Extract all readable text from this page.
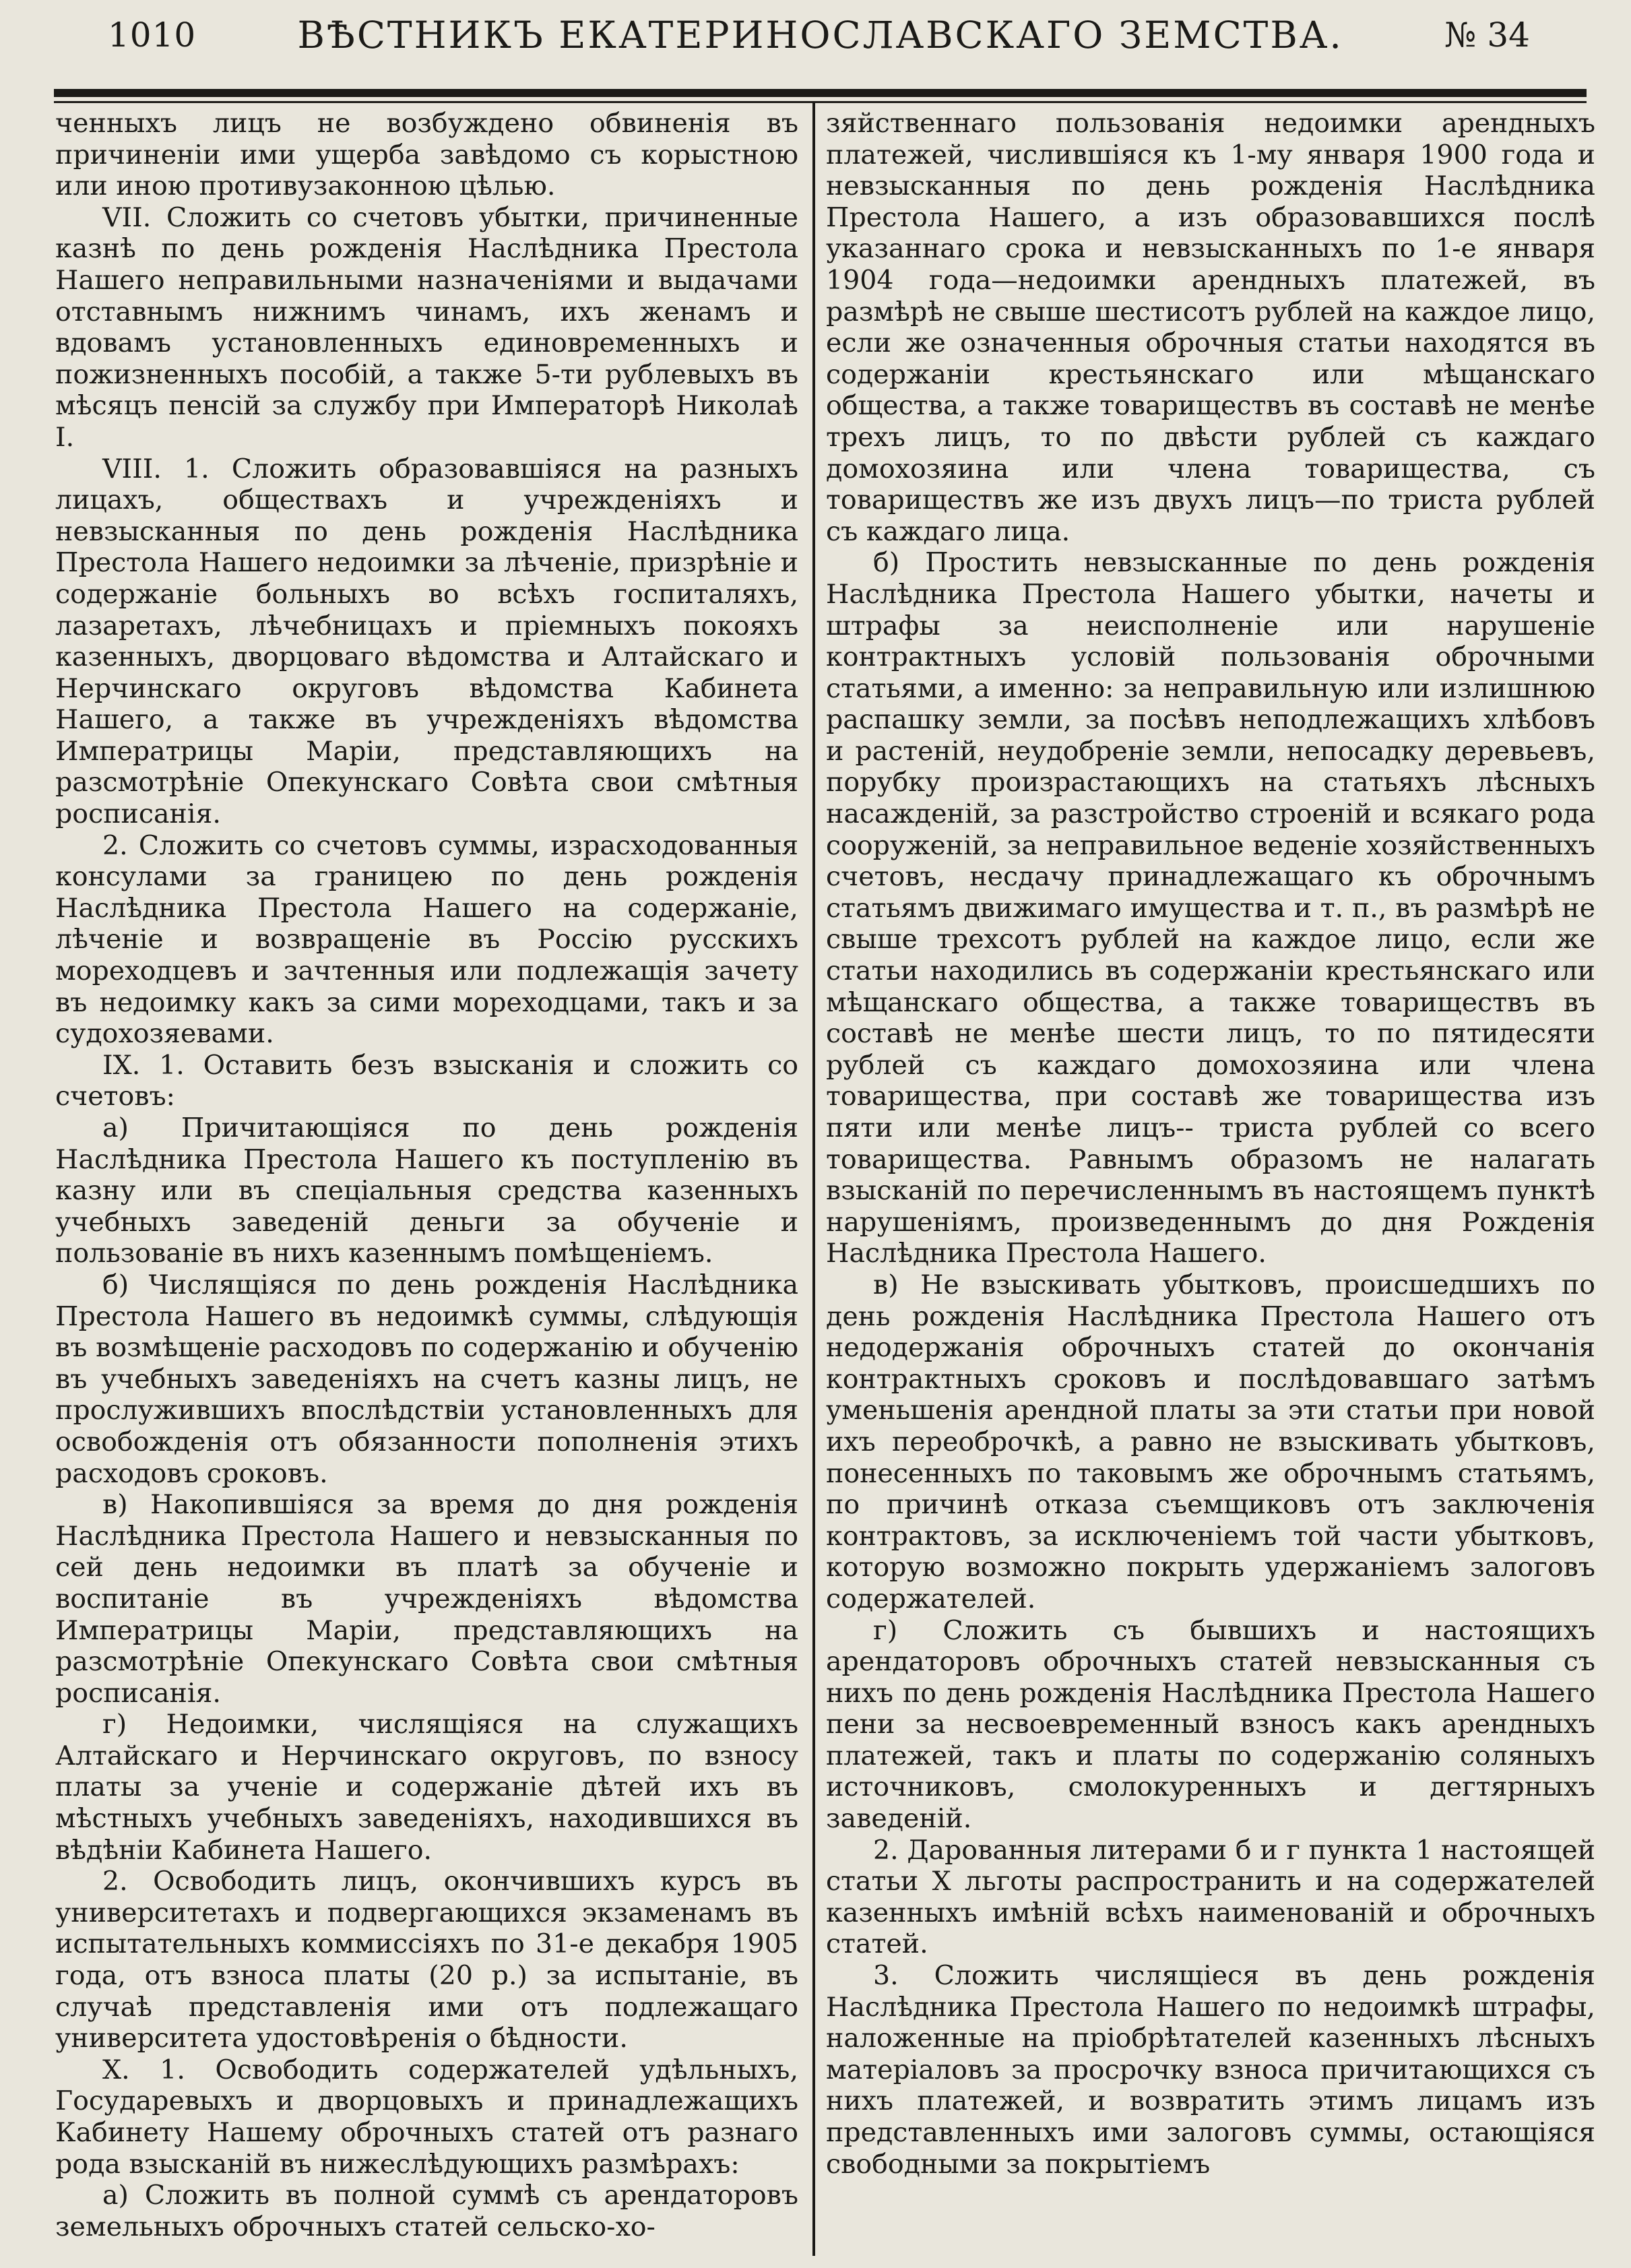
1010	ВѢСТНИКЪ ЕКАТЕРИНОСЛАВСКАГО ЗЕМСТВА.	№ 34

ченныхъ лицъ не возбуждено обвиненія въ причиненіи ими ущерба завѣдомо съ корыстною или иною противузаконною цѣлью.

VII. Сложить со счетовъ убытки, причиненные казнѣ по день рожденія Наслѣдника Престола Нашего неправильными назначеніями и выдачами отставнымъ нижнимъ чинамъ, ихъ женамъ и вдовамъ установленныхъ единовременныхъ и пожизненныхъ пособій, а также 5-ти рублевыхъ въ мѣсяцъ пенсій за службу при Императорѣ Николаѣ I.

VIII. 1. Сложить образовавшіяся на разныхъ лицахъ, обществахъ и учрежденіяхъ и невзысканныя по день рожденія Наслѣдника Престола Нашего недоимки за лѣченіе, призрѣніе и содержаніе больныхъ во всѣхъ госпиталяхъ, лазаретахъ, лѣчебницахъ и пріемныхъ покояхъ казенныхъ, дворцоваго вѣдомства и Алтайскаго и Нерчинскаго округовъ вѣдомства Кабинета Нашего, а также въ учрежденіяхъ вѣдомства Императрицы Маріи, представляющихъ на разсмотрѣніе Опекунскаго Совѣта свои смѣтныя росписанія.

2. Сложить со счетовъ суммы, израсходованныя консулами за границею по день рожденія Наслѣдника Престола Нашего на содержаніе, лѣченіе и возвращеніе въ Россію русскихъ мореходцевъ и зачтенныя или подлежащія зачету въ недоимку какъ за сими мореходцами, такъ и за судохозяевами.

IX. 1. Оставить безъ взысканія и сложить со счетовъ:

а) Причитающіяся по день рожденія Наслѣдника Престола Нашего къ поступленію въ казну или въ спеціальныя средства казенныхъ учебныхъ заведеній деньги за обученіе и пользованіе въ нихъ казеннымъ помѣщеніемъ.

б) Числящіяся по день рожденія Наслѣдника Престола Нашего въ недоимкѣ суммы, слѣдующія въ возмѣщеніе расходовъ по содержанію и обученію въ учебныхъ заведеніяхъ на счетъ казны лицъ, не прослужившихъ впослѣдствіи установленныхъ для освобожденія отъ обязанности пополненія этихъ расходовъ сроковъ.

в) Накопившіяся за время до дня рожденія Наслѣдника Престола Нашего и невзысканныя по сей день недоимки въ платѣ за обученіе и воспитаніе въ учрежденіяхъ вѣдомства Императрицы Маріи, представляющихъ на разсмотрѣніе Опекунскаго Совѣта свои смѣтныя росписанія.

г) Недоимки, числящіяся на служащихъ Алтайскаго и Нерчинскаго округовъ, по взносу платы за ученіе и содержаніе дѣтей ихъ въ мѣстныхъ учебныхъ заведеніяхъ, находившихся въ вѣдѣніи Кабинета Нашего.

2. Освободить лицъ, окончившихъ курсъ въ университетахъ и подвергающихся экзаменамъ въ испытательныхъ коммиссіяхъ по 31-е декабря 1905 года, отъ взноса платы (20 р.) за испытаніе, въ случаѣ представленія ими отъ подлежащаго университета удостовѣренія о бѣдности.

X. 1. Освободить содержателей удѣльныхъ, Государевыхъ и дворцовыхъ и принадлежащихъ Кабинету Нашему оброчныхъ статей отъ разнаго рода взысканій въ нижеслѣдующихъ размѣрахъ:

а) Сложить въ полной суммѣ съ арендаторовъ земельныхъ оброчныхъ статей сельско-хо-

зяйственнаго пользованія недоимки арендныхъ платежей, числившіяся къ 1-му января 1900 года и невзысканныя по день рожденія Наслѣдника Престола Нашего, а изъ образовавшихся послѣ указаннаго срока и невзысканныхъ по 1-е января 1904 года—недоимки арендныхъ платежей, въ размѣрѣ не свыше шестисотъ рублей на каждое лицо, если же означенныя оброчныя статьи находятся въ содержаніи крестьянскаго или мѣщанскаго общества, а также товариществъ въ составѣ не менѣе трехъ лицъ, то по двѣсти рублей съ каждаго домохозяина или члена товарищества, съ товариществъ же изъ двухъ лицъ—по триста рублей съ каждаго лица.

б) Простить невзысканные по день рожденія Наслѣдника Престола Нашего убытки, начеты и штрафы за неисполненіе или нарушеніе контрактныхъ условій пользованія оброчными статьями, а именно: за неправильную или излишнюю распашку земли, за посѣвъ неподлежащихъ хлѣбовъ и растеній, неудобреніе земли, непосадку деревьевъ, порубку произрастающихъ на статьяхъ лѣсныхъ насажденій, за разстройство строеній и всякаго рода сооруженій, за неправильное веденіе хозяйственныхъ счетовъ, несдачу принадлежащаго къ оброчнымъ статьямъ движимаго имущества и т. п., въ размѣрѣ не свыше трехсотъ рублей на каждое лицо, если же статьи находились въ содержаніи крестьянскаго или мѣщанскаго общества, а также товариществъ въ составѣ не менѣе шести лицъ, то по пятидесяти рублей съ каждаго домохозяина или члена товарищества, при составѣ же товарищества изъ пяти или менѣе лицъ-- триста рублей со всего товарищества. Равнымъ образомъ не налагать взысканій по перечисленнымъ въ настоящемъ пунктѣ нарушеніямъ, произведеннымъ до дня Рожденія Наслѣдника Престола Нашего.

в) Не взыскивать убытковъ, происшедшихъ по день рожденія Наслѣдника Престола Нашего отъ недодержанія оброчныхъ статей до окончанія контрактныхъ сроковъ и послѣдовавшаго затѣмъ уменьшенія арендной платы за эти статьи при новой ихъ переоброчкѣ, а равно не взыскивать убытковъ, понесенныхъ по таковымъ же оброчнымъ статьямъ, по причинѣ отказа съемщиковъ отъ заключенія контрактовъ, за исключеніемъ той части убытковъ, которую возможно покрыть удержаніемъ залоговъ содержателей.

г) Сложить съ бывшихъ и настоящихъ арендаторовъ оброчныхъ статей невзысканныя съ нихъ по день рожденія Наслѣдника Престола Нашего пени за несвоевременный взносъ какъ арендныхъ платежей, такъ и платы по содержанію соляныхъ источниковъ, смолокуренныхъ и дегтярныхъ заведеній.

2. Дарованныя литерами б и г пункта 1 настоящей статьи X льготы распространить и на содержателей казенныхъ имѣній всѣхъ наименованій и оброчныхъ статей.

3. Сложить числящіеся въ день рожденія Наслѣдника Престола Нашего по недоимкѣ штрафы, наложенные на пріобрѣтателей казенныхъ лѣсныхъ матеріаловъ за просрочку взноса причитающихся съ нихъ платежей, и возвратить этимъ лицамъ изъ представленныхъ ими залоговъ суммы, остающіяся свободными за покрытіемъ
